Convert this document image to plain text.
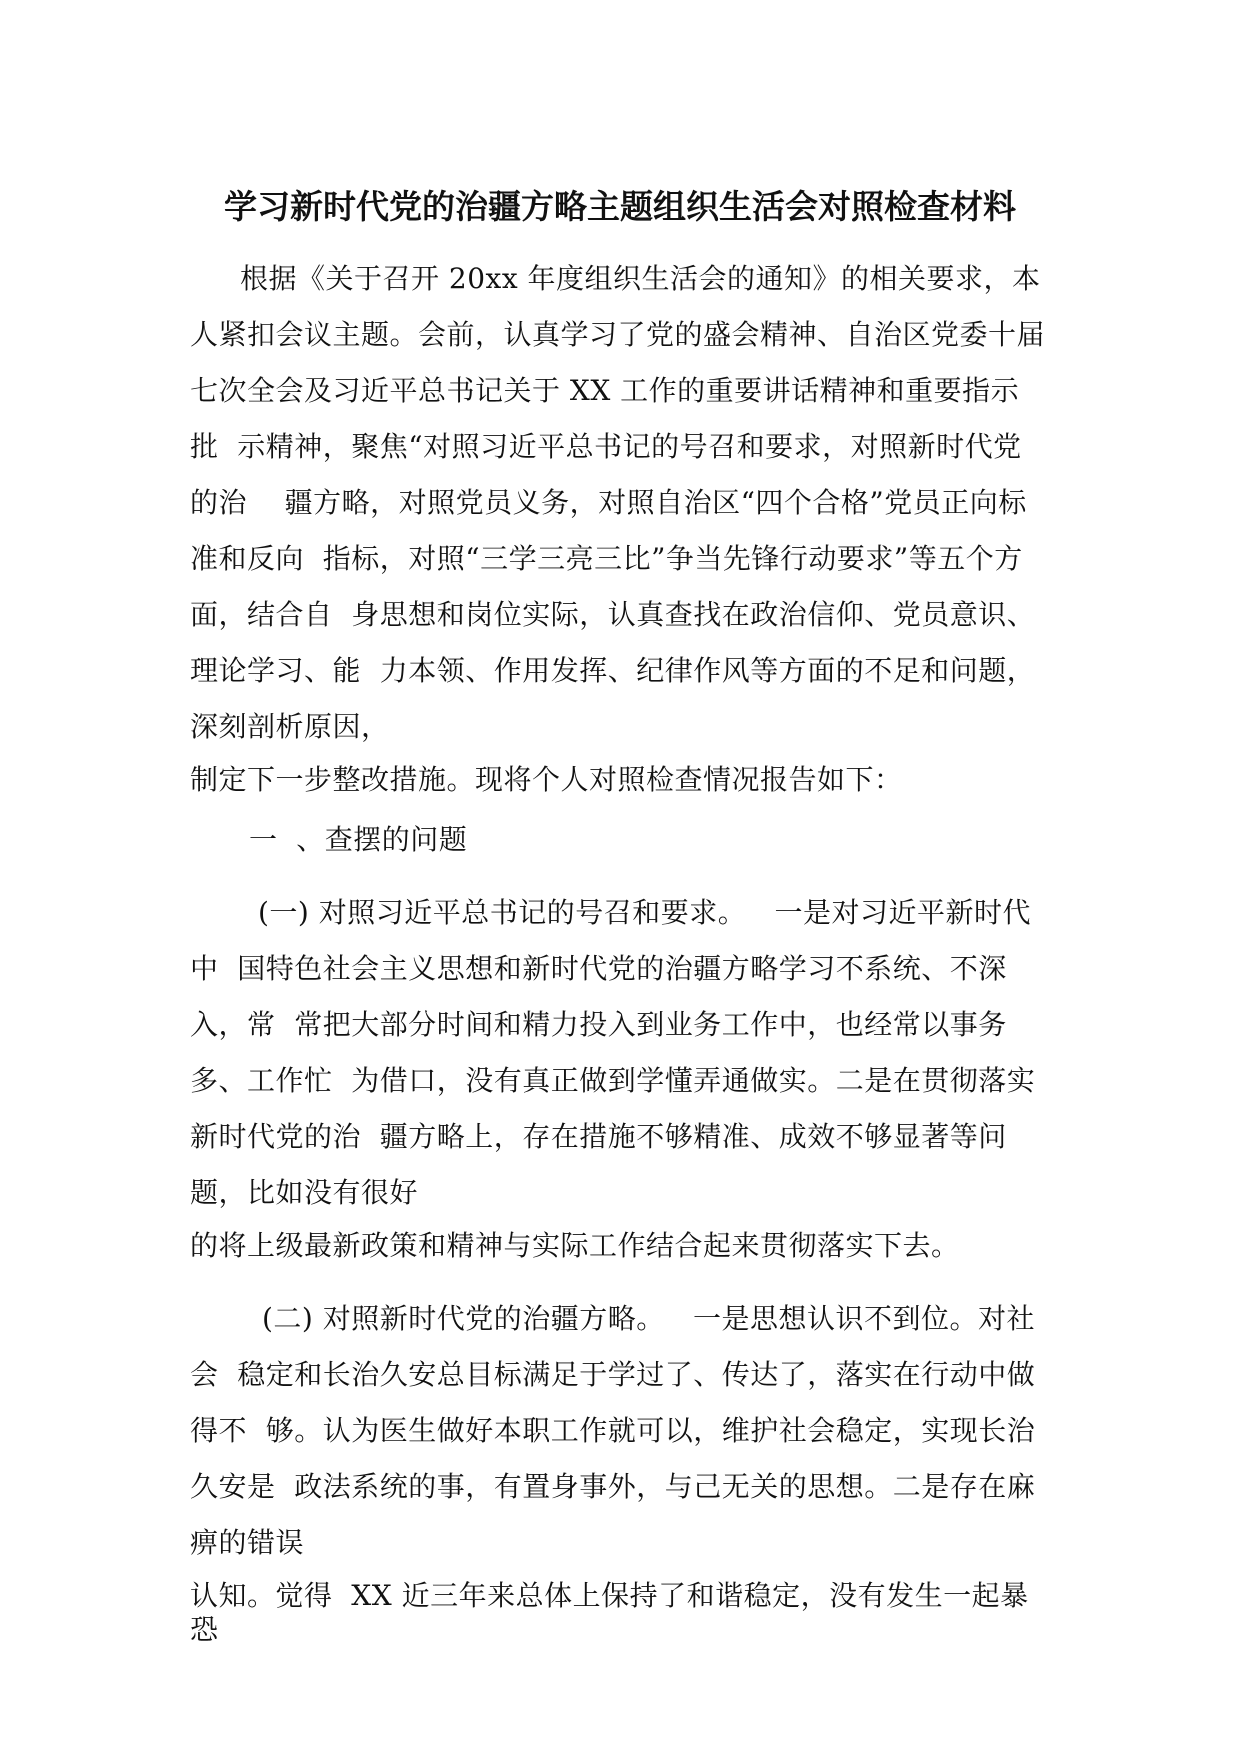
学习新时代党的治疆方略主题组织生活会对照检查材料
根据《关于召开 20xx 年度组织生活会的通知》的相关要求，本
人紧扣会议主题。会前，认真学习了党的盛会精神、自治区党委十届
七次全会及习近平总书记关于 XX 工作的重要讲话精神和重要指示
批  示精神，聚焦“对照习近平总书记的号召和要求，对照新时代党
的治    疆方略，对照党员义务，对照自治区“四个合格”党员正向标
准和反向  指标，对照“三学三亮三比”争当先锋行动要求”等五个方
面，结合自  身思想和岗位实际，认真查找在政治信仰、党员意识、
理论学习、能  力本领、作用发挥、纪律作风等方面的不足和问题，
深刻剖析原因，
制定下一步整改措施。现将个人对照检查情况报告如下：
一  、查摆的问题
(一) 对照习近平总书记的号召和要求。   一是对习近平新时代
中  国特色社会主义思想和新时代党的治疆方略学习不系统、不深
入，常  常把大部分时间和精力投入到业务工作中，也经常以事务
多、工作忙  为借口，没有真正做到学懂弄通做实。二是在贯彻落实
新时代党的治  疆方略上，存在措施不够精准、成效不够显著等问
题，比如没有很好
的将上级最新政策和精神与实际工作结合起来贯彻落实下去。
(二) 对照新时代党的治疆方略。   一是思想认识不到位。对社
会  稳定和长治久安总目标满足于学过了、传达了，落实在行动中做
得不  够。认为医生做好本职工作就可以，维护社会稳定，实现长治
久安是  政法系统的事，有置身事外，与己无关的思想。二是存在麻
痹的错误
认知。觉得  XX 近三年来总体上保持了和谐稳定，没有发生一起暴
恐
